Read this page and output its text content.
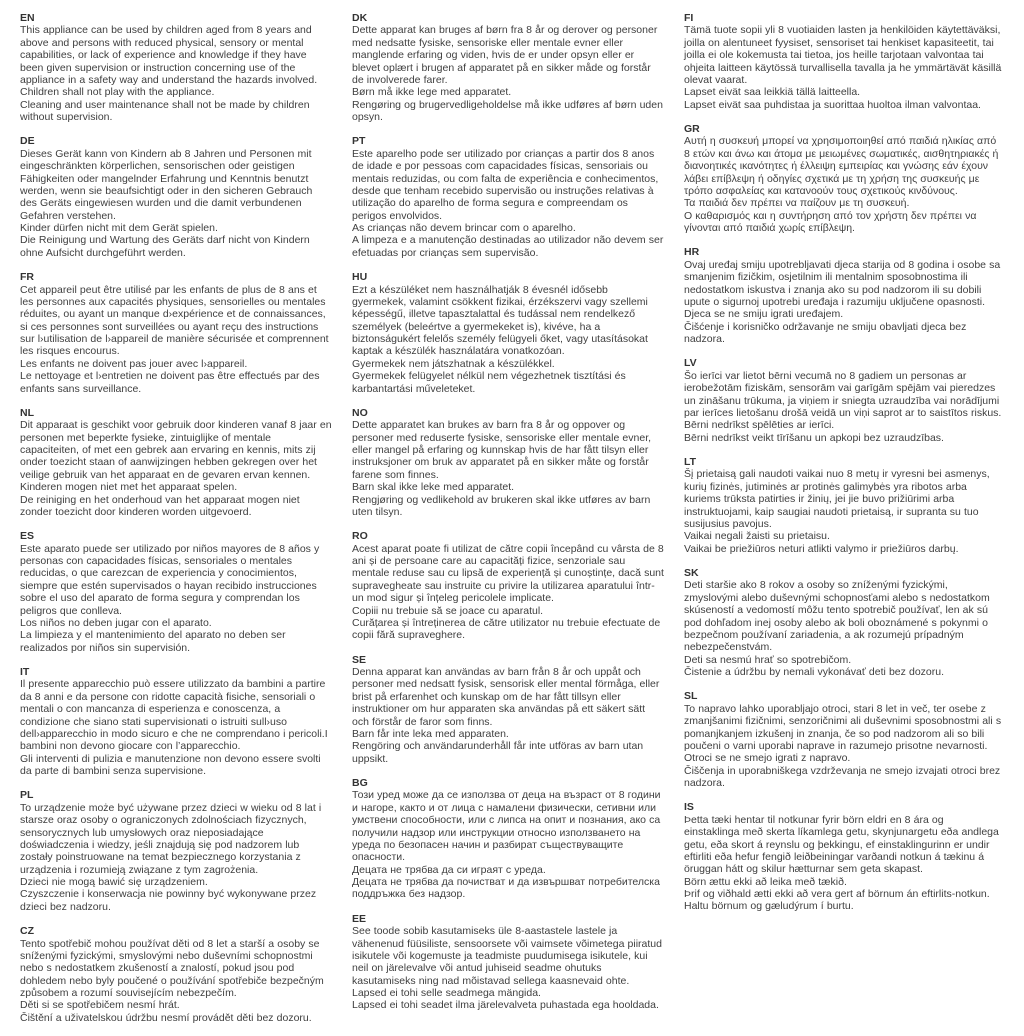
EN

This appliance can be used by children aged from 8 years and above and persons with reduced physical, sensory or mental capabilities, or lack of experience and knowledge if they have been given supervision or instruction concerning use of the appliance in a safety way and understand the hazards involved.

Children shall not play with the appliance.

Cleaning and user maintenance shall not be made by children without supervision.

DE

Dieses Gerät kann von Kindern ab 8 Jahren und Personen mit eingeschränkten körperlichen, sensorischen oder geistigen Fähigkeiten oder mangelnder Erfahrung und Kenntnis benutzt werden, wenn sie beaufsichtigt oder in den sicheren Gebrauch des Geräts eingewiesen wurden und die damit verbundenen Gefahren verstehen.

Kinder dürfen nicht mit dem Gerät spielen.

Die Reinigung und Wartung des Geräts darf nicht von Kindern ohne Aufsicht durchgeführt werden.

FR

Cet appareil peut être utilisé par les enfants de plus de 8 ans et les personnes aux capacités physiques, sensorielles ou mentales réduites, ou ayant un manque d›expérience et de connaissances, si ces personnes sont surveillées ou ayant reçu des instructions sur l›utilisation de l›appareil de manière sécurisée et comprennent les risques encourus.

Les enfants ne doivent pas jouer avec l›appareil.

Le nettoyage et l›entretien ne doivent pas être effectués par des enfants sans surveillance.

NL

Dit apparaat is geschikt voor gebruik door kinderen vanaf 8 jaar en personen met beperkte fysieke, zintuiglijke of mentale capaciteiten, of met een gebrek aan ervaring en kennis, mits zij onder toezicht staan of aanwijzingen hebben gekregen over het veilige gebruik van het apparaat en de gevaren ervan kennen.

Kinderen mogen niet met het apparaat spelen.

De reiniging en het onderhoud van het apparaat mogen niet zonder toezicht door kinderen worden uitgevoerd.

ES

Este aparato puede ser utilizado por niños mayores de 8 años y personas con capacidades físicas, sensoriales o mentales reducidas, o que carezcan de experiencia y conocimientos, siempre que estén supervisados o hayan recibido instrucciones sobre el uso del aparato de forma segura y comprendan los peligros que conlleva.

Los niños no deben jugar con el aparato.

La limpieza y el mantenimiento del aparato no deben ser realizados por niños sin supervisión.

IT

Il presente apparecchio può essere utilizzato da bambini a partire da 8 anni e da persone con ridotte capacità fisiche, sensoriali o mentali o con mancanza di esperienza e conoscenza, a condizione che siano stati supervisionati o istruiti sull›uso dell›apparecchio in modo sicuro e che ne comprendano i pericoli.I bambini non devono giocare con l’apparecchio.

Gli interventi di pulizia e manutenzione non devono essere svolti da parte di bambini senza supervisione.

PL

To urządzenie może być używane przez dzieci w wieku od 8 lat i starsze oraz osoby o ograniczonych zdolnościach fizycznych, sensorycznych lub umysłowych oraz nieposiadające doświadczenia i wiedzy, jeśli znajdują się pod nadzorem lub zostały poinstruowane na temat bezpiecznego korzystania z urządzenia i rozumieją związane z tym zagrożenia.

Dzieci nie mogą bawić się urządzeniem.

Czyszczenie i konserwacja nie powinny być wykonywane przez dzieci bez nadzoru.

CZ

Tento spotřebič mohou používat děti od 8 let a starší a osoby se sníženými fyzickými, smyslovými nebo duševními schopnostmi nebo s nedostatkem zkušeností a znalostí, pokud jsou pod dohledem nebo byly poučené o používání spotřebiče bezpečným způsobem a rozumí souvisejícím nebezpečím.

Děti si se spotřebičem nesmí hrát.

Čištění a uživatelskou údržbu nesmí provádět děti bez dozoru.

DK

Dette apparat kan bruges af børn fra 8 år og derover og personer med nedsatte fysiske, sensoriske eller mentale evner eller manglende erfaring og viden, hvis de er under opsyn eller er blevet oplært i brugen af apparatet på en sikker måde og forstår de involverede farer.

Børn må ikke lege med apparatet.

Rengøring og brugervedligeholdelse må ikke udføres af børn uden opsyn.

PT

Este aparelho pode ser utilizado por crianças a partir dos 8 anos de idade e por pessoas com capacidades físicas, sensoriais ou mentais reduzidas, ou com falta de experiência e conhecimentos, desde que tenham recebido supervisão ou instruções relativas à utilização do aparelho de forma segura e compreendam os perigos envolvidos.

As crianças não devem brincar com o aparelho.

A limpeza e a manutenção destinadas ao utilizador não devem ser efetuadas por crianças sem supervisão.

HU

Ezt a készüléket nem használhatják 8 évesnél idősebb gyermekek, valamint csökkent fizikai, érzékszervi vagy szellemi képességű, illetve tapasztalattal és tudással nem rendelkező személyek (beleértve a gyermekeket is), kivéve, ha a biztonságukért felelős személy felügyeli őket, vagy utasításokat kaptak a készülék használatára vonatkozóan.

Gyermekek nem játszhatnak a készülékkel.

Gyermekek felügyelet nélkül nem végezhetnek tisztítási és karbantartási műveleteket.

NO

Dette apparatet kan brukes av barn fra 8 år og oppover og personer med reduserte fysiske, sensoriske eller mentale evner, eller mangel på erfaring og kunnskap hvis de har fått tilsyn eller instruksjoner om bruk av apparatet på en sikker måte og forstår farene som finnes.

Barn skal ikke leke med apparatet.

Rengjøring og vedlikehold av brukeren skal ikke utføres av barn uten tilsyn.

RO

Acest aparat poate fi utilizat de către copii începând cu vârsta de 8 ani și de persoane care au capacități fizice, senzoriale sau mentale reduse sau cu lipsă de experiență și cunoștințe, dacă sunt supravegheate sau instruite cu privire la utilizarea aparatului într-un mod sigur și înțeleg pericolele implicate.

Copiii nu trebuie să se joace cu aparatul.

Curățarea și întreținerea de către utilizator nu trebuie efectuate de copii fără supraveghere.

SE

Denna apparat kan användas av barn från 8 år och uppåt och personer med nedsatt fysisk, sensorisk eller mental förmåga, eller brist på erfarenhet och kunskap om de har fått tillsyn eller instruktioner om hur apparaten ska användas på ett säkert sätt och förstår de faror som finns.

Barn får inte leka med apparaten.

Rengöring och användarunderhåll får inte utföras av barn utan uppsikt.

BG

Този уред може да се използва от деца на възраст от 8 години и нагоре, както и от лица с намалени физически, сетивни или умствени способности, или с липса на опит и познания, ако са получили надзор или инструкции относно използването на уреда по безопасен начин и разбират съществуващите опасности.

Децата не трябва да си играят с уреда.

Децата не трябва да почистват и да извършват потребителска поддръжка без надзор.

EE

See toode sobib kasutamiseks üle 8-aastastele lastele ja vähenenud füüsiliste, sensoorsete või vaimsete võimetega piiratud isikutele või kogemuste ja teadmiste puudumisega isikutele, kui neil on järelevalve või antud juhiseid seadme ohutuks kasutamiseks ning nad mõistavad sellega kaasnevaid ohte.

Lapsed ei tohi selle seadmega mängida.

Lapsed ei tohi seadet ilma järelevalveta puhastada ega hooldada.

FI

Tämä tuote sopii yli 8 vuotiaiden lasten ja henkilöiden käytettäväksi, joilla on alentuneet fyysiset, sensoriset tai henkiset kapasiteetit, tai joilla ei ole kokemusta tai tietoa, jos heille tarjotaan valvontaa tai ohjeita laitteen käytössä turvallisella tavalla ja he ymmärtävät käsillä olevat vaarat.

Lapset eivät saa leikkiä tällä laitteella.

Lapset eivät saa puhdistaa ja suorittaa huoltoa ilman valvontaa.

GR

Αυτή η συσκευή μπορεί να χρησιμοποιηθεί από παιδιά ηλικίας από 8 ετών και άνω και άτομα με μειωμένες σωματικές, αισθητηριακές ή διανοητικές ικανότητες ή έλλειψη εμπειρίας και γνώσης εάν έχουν λάβει επίβλεψη ή οδηγίες σχετικά με τη χρήση της συσκευής με τρόπο ασφαλείας και κατανοούν τους σχετικούς κινδύνους.

Τα παιδιά δεν πρέπει να παίζουν με τη συσκευή.

Ο καθαρισμός και η συντήρηση από τον χρήστη δεν πρέπει να γίνονται από παιδιά χωρίς επίβλεψη.

HR

Ovaj uređaj smiju upotrebljavati djeca starija od 8 godina i osobe sa smanjenim fizičkim, osjetilnim ili mentalnim sposobnostima ili nedostatkom iskustva i znanja ako su pod nadzorom ili su dobili upute o sigurnoj upotrebi uređaja i razumiju uključene opasnosti.

Djeca se ne smiju igrati uređajem.

Čišćenje i korisničko održavanje ne smiju obavljati djeca bez nadzora.

LV

Šo ierīci var lietot bērni vecumā no 8 gadiem un personas ar ierobežotām fiziskām, sensorām vai garīgām spējām vai pieredzes un zināšanu trūkuma, ja viņiem ir sniegta uzraudzība vai norādījumi par ierīces lietošanu drošā veidā un viņi saprot ar to saistītos riskus.

Bērni nedrīkst spēlēties ar ierīci.

Bērni nedrīkst veikt tīrīšanu un apkopi bez uzraudzības.

LT

Šį prietaisą gali naudoti vaikai nuo 8 metų ir vyresni bei asmenys, kurių fizinės, jutiminės ar protinės galimybės yra ribotos arba kuriems trūksta patirties ir žinių, jei jie buvo prižiūrimi arba instruktuojami, kaip saugiai naudoti prietaisą, ir supranta su tuo susijusius pavojus.

Vaikai negali žaisti su prietaisu.

Vaikai be priežiūros neturi atlikti valymo ir priežiūros darbų.

SK

Deti staršie ako 8 rokov a osoby so zníženými fyzickými, zmyslovými alebo duševnými schopnosťami alebo s nedostatkom skúseností a vedomostí môžu tento spotrebič používať, len ak sú pod dohľadom inej osoby alebo ak boli oboznámené s pokynmi o bezpečnom používaní zariadenia, a ak rozumejú prípadným nebezpečenstvám.

Deti sa nesmú hrať so spotrebičom.

Čistenie a údržbu by nemali vykonávať deti bez dozoru.

SL

To napravo lahko uporabljajo otroci, stari 8 let in več, ter osebe z zmanjšanimi fizičnimi, senzoričnimi ali duševnimi sposobnostmi ali s pomanjkanjem izkušenj in znanja, če so pod nadzorom ali so bili poučeni o varni uporabi naprave in razumejo prisotne nevarnosti.

Otroci se ne smejo igrati z napravo.

Čiščenja in uporabniškega vzdrževanja ne smejo izvajati otroci brez nadzora.

IS

Þetta tæki hentar til notkunar fyrir börn eldri en 8 ára og einstaklinga með skerta líkamlega getu, skynjunargetu eða andlega getu, eða skort á reynslu og þekkingu, ef einstaklingurinn er undir eftirliti eða hefur fengið leiðbeiningar varðandi notkun á tækinu á öruggan hátt og skilur hætturnar sem geta skapast.

Börn ættu ekki að leika með tækið.

Þrif og viðhald ætti ekki að vera gert af börnum án eftirlits-notkun.

Haltu börnum og gæludýrum í burtu.
